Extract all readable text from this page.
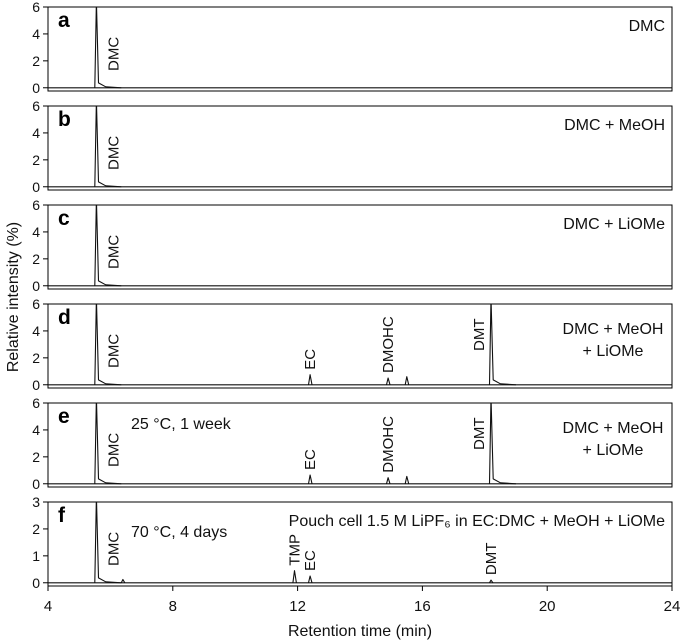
0
2
4
6
DMC
a	DMC
0
2
4
6
DMC
b	DMC + MeOH
0
2
4
6
DMC
c	DMC + LiOMe
0
2
4
6
DMC	EC	DMOHC	DMT
d
DMC + MeOH
+ LiOMe
0
2
4
6
DMC	EC	DMOHC	DMT
e
DMC + MeOH
+ LiOMe
25 °C, 1 week
0
1
2
3
DMC	TMP
EC	DMT
f	Pouch cell 1.5 M LiPF₆ in EC:DMC + MeOH + LiOMe
70 °C, 4 days
4	8	12	16	20	24
Relative intensity (%)
Retention time (min)
